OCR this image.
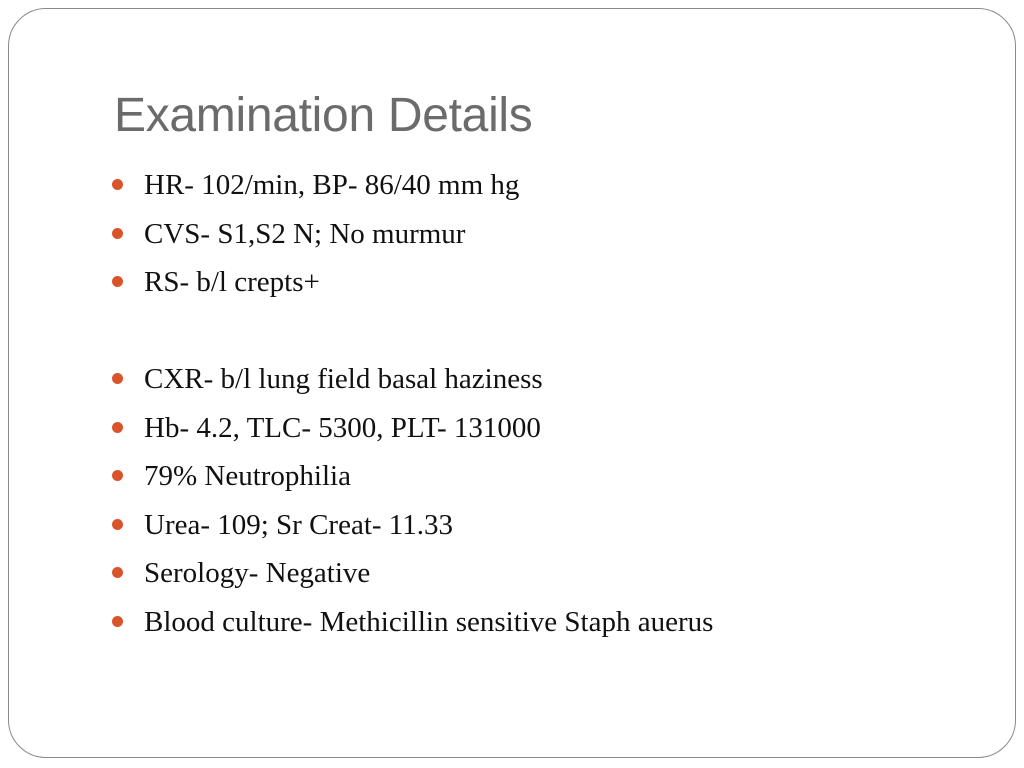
Examination Details
HR- 102/min, BP- 86/40 mm hg
CVS- S1,S2 N; No murmur
RS- b/l crepts+
CXR- b/l lung field basal haziness
Hb- 4.2, TLC- 5300, PLT- 131000
79% Neutrophilia
Urea- 109; Sr Creat- 11.33
Serology- Negative
Blood culture- Methicillin sensitive Staph auerus
